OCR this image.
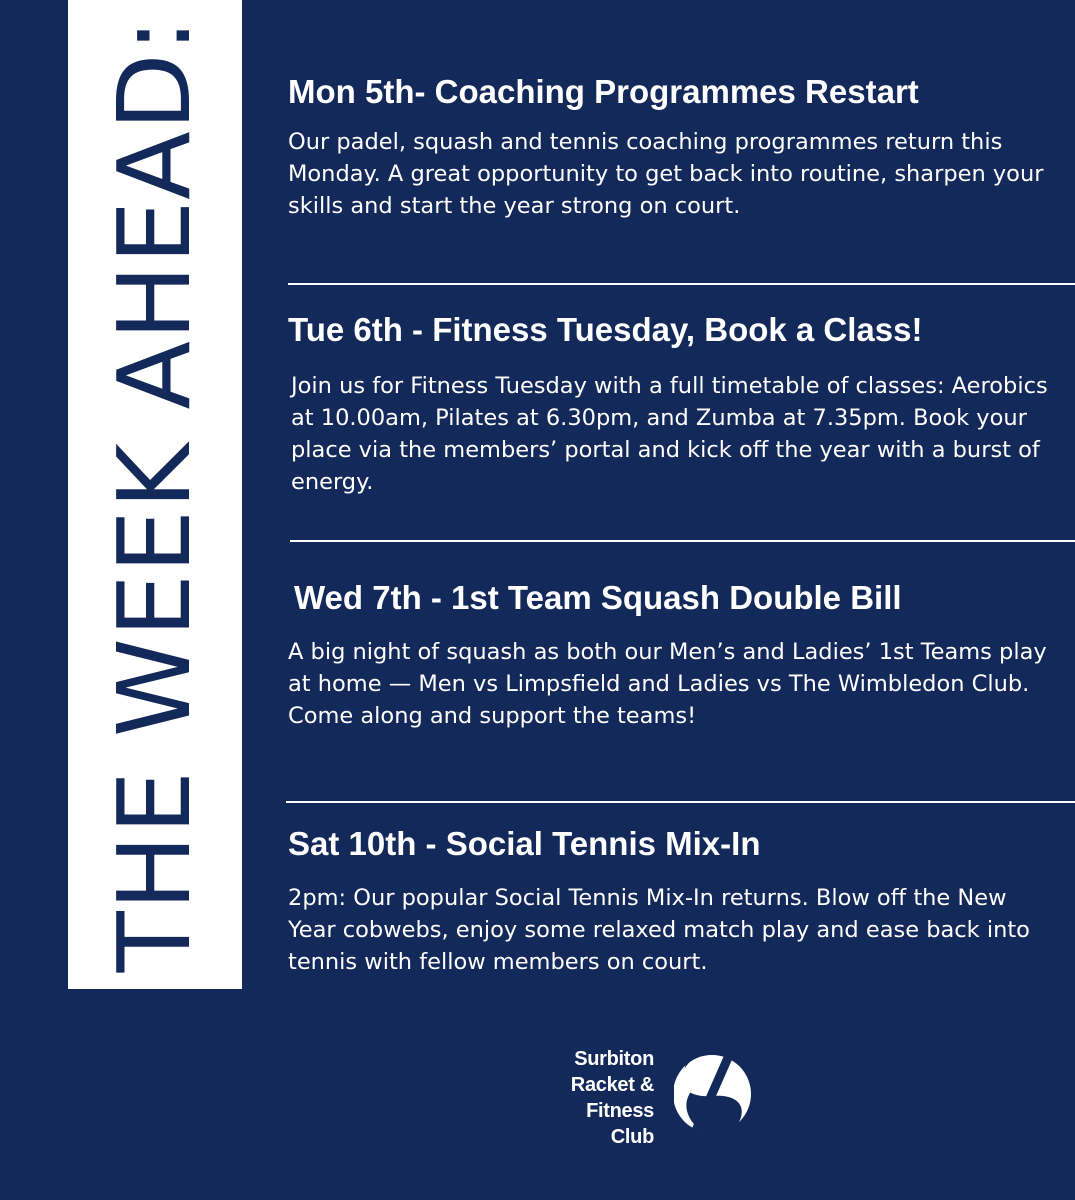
THE WEEK AHEAD: Mon 5th- Coaching Programmes Restart

Our padel, squash and tennis coaching programmes return this Monday. A great opportunity to get back into routine, sharpen your skills and start the year strong on court.

Tue 6th - Fitness Tuesday, Book a Class!

Join us for Fitness Tuesday with a full timetable of classes: Aerobics at 10.00am, Pilates at 6.30pm, and Zumba at 7.35pm. Book your place via the members’ portal and kick off the year with a burst of energy.

Wed 7th - 1st Team Squash Double Bill

A big night of squash as both our Men’s and Ladies’ 1st Teams play at home — Men vs Limpsfield and Ladies vs The Wimbledon Club. Come along and support the teams!

Sat 10th - Social Tennis Mix-In

2pm: Our popular Social Tennis Mix-In returns. Blow off the New Year cobwebs, enjoy some relaxed match play and ease back into tennis with fellow members on court.

Surbiton
Racket &
Fitness
Club
